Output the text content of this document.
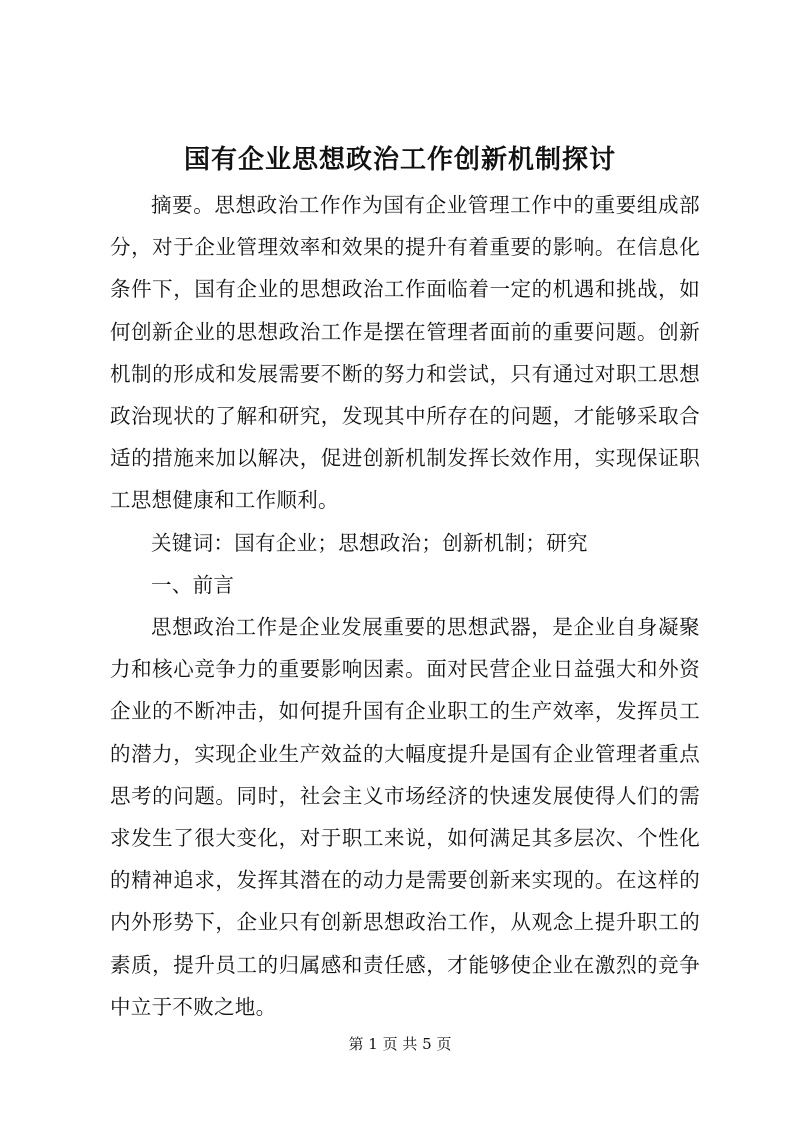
国有企业思想政治工作创新机制探讨

摘要。思想政治工作作为国有企业管理工作中的重要组成部分，对于企业管理效率和效果的提升有着重要的影响。在信息化条件下，国有企业的思想政治工作面临着一定的机遇和挑战，如何创新企业的思想政治工作是摆在管理者面前的重要问题。创新机制的形成和发展需要不断的努力和尝试，只有通过对职工思想政治现状的了解和研究，发现其中所存在的问题，才能够采取合适的措施来加以解决，促进创新机制发挥长效作用，实现保证职工思想健康和工作顺利。

关键词：国有企业；思想政治；创新机制；研究

一、前言

思想政治工作是企业发展重要的思想武器，是企业自身凝聚力和核心竞争力的重要影响因素。面对民营企业日益强大和外资企业的不断冲击，如何提升国有企业职工的生产效率，发挥员工的潜力，实现企业生产效益的大幅度提升是国有企业管理者重点思考的问题。同时，社会主义市场经济的快速发展使得人们的需求发生了很大变化，对于职工来说，如何满足其多层次、个性化的精神追求，发挥其潜在的动力是需要创新来实现的。在这样的内外形势下，企业只有创新思想政治工作，从观念上提升职工的素质，提升员工的归属感和责任感，才能够使企业在激烈的竞争中立于不败之地。

第 1 页 共 5 页
